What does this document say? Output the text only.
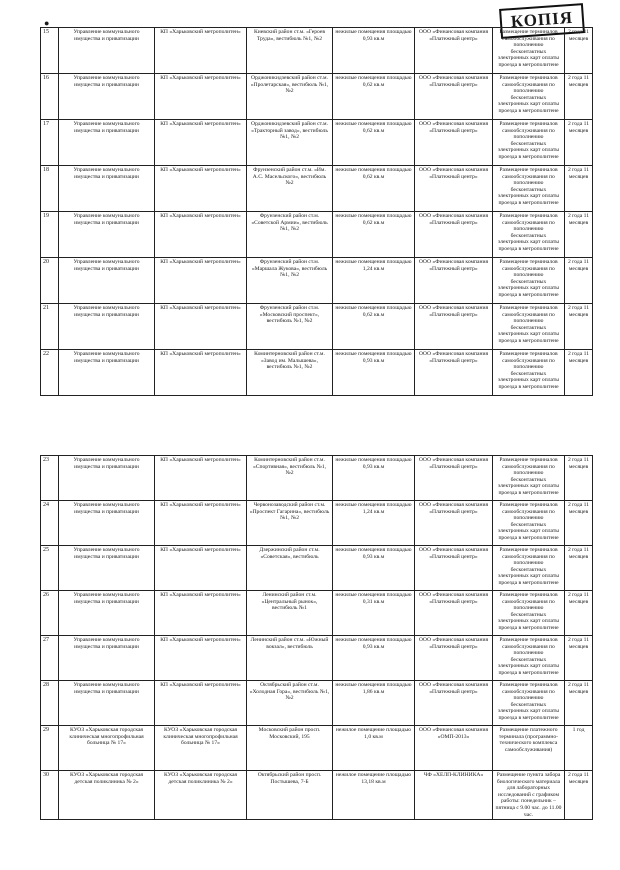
●	КОПІЯ
15	Управление коммунального имущества и приватизации	КП «Харьковский метрополитен»	Киевский район ст.м. «Героев Труда», вестибюль №1, №2	нежилые помещения площадью 0,93 кв.м	ООО «Финансовая компания «Платежный центр»	Размещение терминалов самообслуживания по пополнению бесконтактных электронных карт оплаты проезда в метрополитене	2 года 11 месяцев
16	Управление коммунального имущества и приватизации	КП «Харьковский метрополитен»	Орджоникидзевский район ст.м. «Пролетарская», вестибюль №1, №2	нежилые помещения площадью 0,62 кв.м	ООО «Финансовая компания «Платежный центр»	Размещение терминалов самообслуживания по пополнению бесконтактных электронных карт оплаты проезда в метрополитене	2 года 11 месяцев
17	Управление коммунального имущества и приватизации	КП «Харьковский метрополитен»	Орджоникидзевский район ст.м. «Тракторный завод», вестибюль №1, №2	нежилые помещения площадью 0,62 кв.м	ООО «Финансовая компания «Платежный центр»	Размещение терминалов самообслуживания по пополнению бесконтактных электронных карт оплаты проезда в метрополитене	2 года 11 месяцев
18	Управление коммунального имущества и приватизации	КП «Харьковский метрополитен»	Фрунзенский район ст.м. «Им. А.С. Масельского», вестибюль №2	нежилые помещения площадью 0,62 кв.м	ООО «Финансовая компания «Платежный центр»	Размещение терминалов самообслуживания по пополнению бесконтактных электронных карт оплаты проезда в метрополитене	2 года 11 месяцев
19	Управление коммунального имущества и приватизации	КП «Харьковский метрополитен»	Фрунзенский район ст.м. «Советской Армии», вестибюль №1, №2	нежилые помещения площадью 0,62 кв.м	ООО «Финансовая компания «Платежный центр»	Размещение терминалов самообслуживания по пополнению бесконтактных электронных карт оплаты проезда в метрополитене	2 года 11 месяцев
20	Управление коммунального имущества и приватизации	КП «Харьковский метрополитен»	Фрунзенский район ст.м. «Маршала Жукова», вестибюль №1, №2	нежилые помещения площадью 1,24 кв.м	ООО «Финансовая компания «Платежный центр»	Размещение терминалов самообслуживания по пополнению бесконтактных электронных карт оплаты проезда в метрополитене	2 года 11 месяцев
21	Управление коммунального имущества и приватизации	КП «Харьковский метрополитен»	Фрунзенский район ст.м. «Московский проспект», вестибюль №1, №2	нежилые помещения площадью 0,62 кв.м	ООО «Финансовая компания «Платежный центр»	Размещение терминалов самообслуживания по пополнению бесконтактных электронных карт оплаты проезда в метрополитене	2 года 11 месяцев
22	Управление коммунального имущества и приватизации	КП «Харьковский метрополитен»	Коминтерновский район ст.м. «Завод им. Малышева», вестибюль №1, №2	нежилые помещения площадью 0,93 кв.м	ООО «Финансовая компания «Платежный центр»	Размещение терминалов самообслуживания по пополнению бесконтактных электронных карт оплаты проезда в метрополитене	2 года 11 месяцев
23	Управление коммунального имущества и приватизации	КП «Харьковский метрополитен»	Коминтерновский район ст.м. «Спортивная», вестибюль №1, №2	нежилые помещения площадью 0,93 кв.м	ООО «Финансовая компания «Платежный центр»	Размещение терминалов самообслуживания по пополнению бесконтактных электронных карт оплаты проезда в метрополитене	2 года 11 месяцев
24	Управление коммунального имущества и приватизации	КП «Харьковский метрополитен»	Червонозаводский район ст.м. «Проспект Гагарина», вестибюль №1, №2	нежилые помещения площадью 1,24 кв.м	ООО «Финансовая компания «Платежный центр»	Размещение терминалов самообслуживания по пополнению бесконтактных электронных карт оплаты проезда в метрополитене	2 года 11 месяцев
25	Управление коммунального имущества и приватизации	КП «Харьковский метрополитен»	Дзержинский район ст.м. «Советская», вестибюль	нежилые помещения площадью 0,93 кв.м	ООО «Финансовая компания «Платежный центр»	Размещение терминалов самообслуживания по пополнению бесконтактных электронных карт оплаты проезда в метрополитене	2 года 11 месяцев
26	Управление коммунального имущества и приватизации	КП «Харьковский метрополитен»	Ленинский район ст.м. «Центральный рынок», вестибюль №1	нежилые помещения площадью 0,31 кв.м	ООО «Финансовая компания «Платежный центр»	Размещение терминалов самообслуживания по пополнению бесконтактных электронных карт оплаты проезда в метрополитене	2 года 11 месяцев
27	Управление коммунального имущества и приватизации	КП «Харьковский метрополитен»	Ленинский район ст.м. «Южный вокзал», вестибюль	нежилые помещения площадью 0,93 кв.м	ООО «Финансовая компания «Платежный центр»	Размещение терминалов самообслуживания по пополнению бесконтактных электронных карт оплаты проезда в метрополитене	2 года 11 месяцев
28	Управление коммунального имущества и приватизации	КП «Харьковский метрополитен»	Октябрьский район ст.м. «Холодная Гора», вестибюль №1, №2	нежилые помещения площадью 1,86 кв.м	ООО «Финансовая компания «Платежный центр»	Размещение терминалов самообслуживания по пополнению бесконтактных электронных карт оплаты проезда в метрополитене	2 года 11 месяцев
29	КУОЗ «Харьковская городская клиническая многопрофильная больница № 17»	КУОЗ «Харьковская городская клиническая многопрофильная больница № 17»	Московский район просп. Московский, 195	нежилое помещение площадью 1,0 кв.м	ООО «Финансовая компания «ОМП-2013»	Размещение платежного терминала (программно-технического комплекса самообслуживания)	1 год
30	КУОЗ «Харьковская городская детская поликлиника № 2»	КУОЗ «Харьковская городская детская поликлиника № 2»	Октябрьский район просп. Постышева, 7-Б	нежилое помещение площадью 13,18 кв.м	ЧФ «ХЕЛП-КЛИНИКА»	Размещение пункта забора биологического материала для лабораторных исследований с графиком работы: понедельник – пятница с 9.00 час. до 11.00 час.	2 года 11 месяцев
